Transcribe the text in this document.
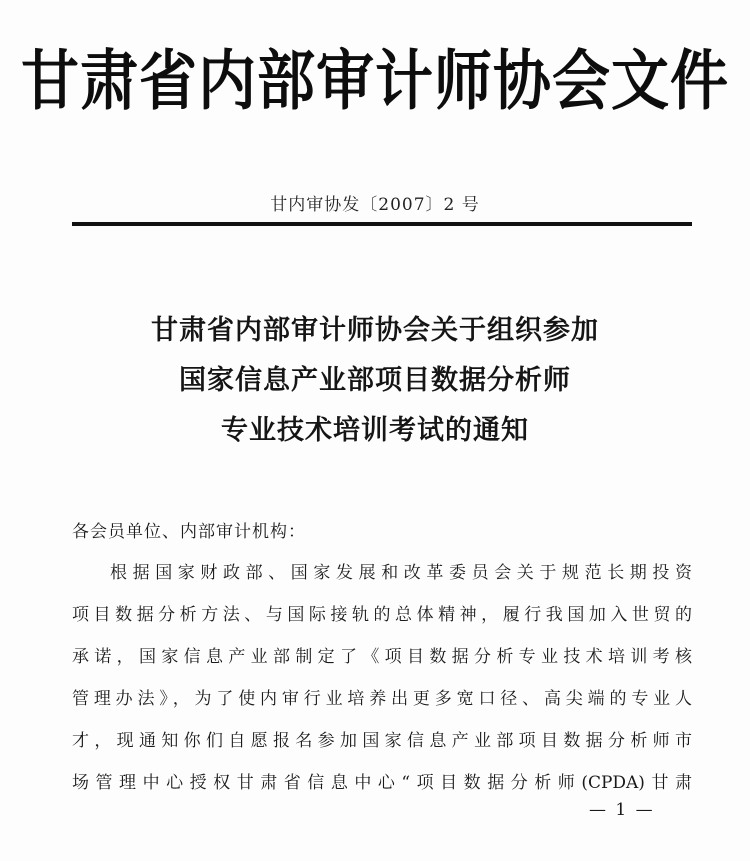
甘肃省内部审计师协会文件
甘内审协发〔2007〕2 号
甘肃省内部审计师协会关于组织参加
国家信息产业部项目数据分析师
专业技术培训考试的通知
各会员单位、内部审计机构：
根据国家财政部、国家发展和改革委员会关于规范长期投资
项目数据分析方法、与国际接轨的总体精神，履行我国加入世贸的
承诺，国家信息产业部制定了《项目数据分析专业技术培训考核
管理办法》，为了使内审行业培养出更多宽口径、高尖端的专业人
才，现通知你们自愿报名参加国家信息产业部项目数据分析师市
场管理中心授权甘肃省信息中心“项目数据分析师(CPDA)甘肃
— 1 —
